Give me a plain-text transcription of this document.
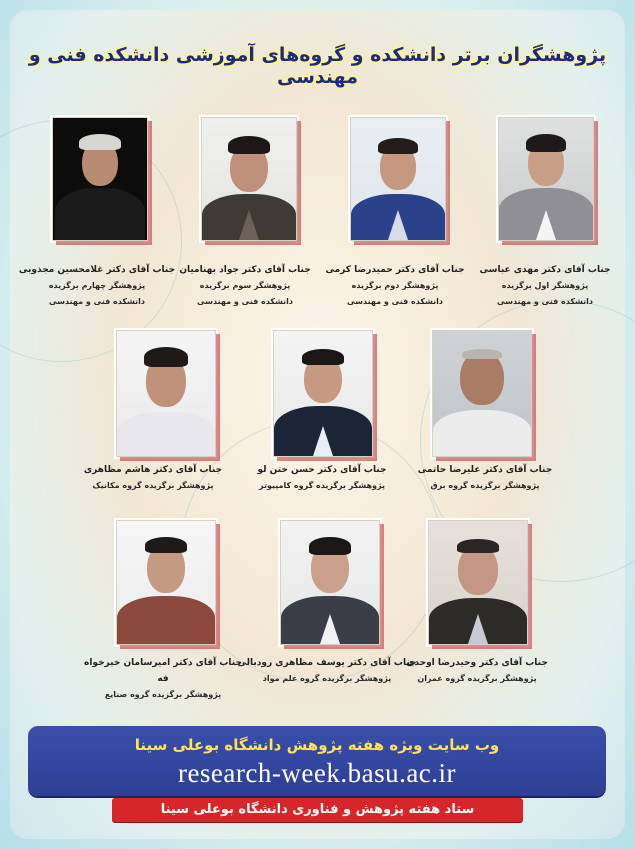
پژوهشگران برتر دانشکده و گروه‌های آموزشی دانشکده فنی و مهندسی
جناب آقای دکتر مهدی عباسی
پژوهشگر اول برگزیده
دانشکده فنی و مهندسی
جناب آقای دکتر حمیدرضا کرمی
پژوهشگر دوم برگزیده
دانشکده فنی و مهندسی
جناب آقای دکتر جواد بهنامیان
پژوهشگر سوم برگزیده
دانشکده فنی و مهندسی
جناب آقای دکتر غلامحسین مجذوبی
پژوهشگر چهارم برگزیده
دانشکده فنی و مهندسی
جناب آقای دکتر علیرضا حاتمی
پژوهشگر برگزیده گروه برق
جناب آقای دکتر حسن ختن لو
پژوهشگر برگزیده گروه کامپیوتر
جناب آقای دکتر هاشم مظاهری
پژوهشگر برگزیده گروه مکانیک
جناب آقای دکتر وحیدرضا اوحدی
پژوهشگر برگزیده گروه عمران
جناب آقای دکتر یوسف مظاهری رودبالی
پژوهشگر برگزیده گروه علم مواد
جناب آقای دکتر امیرسامان خیرخواه فه
پژوهشگر برگزیده گروه صنایع
وب سایت ویژه هفته پژوهش دانشگاه بوعلی سینا
research-week.basu.ac.ir
ستاد هفته پژوهش و فناوری دانشگاه بوعلی سینا
